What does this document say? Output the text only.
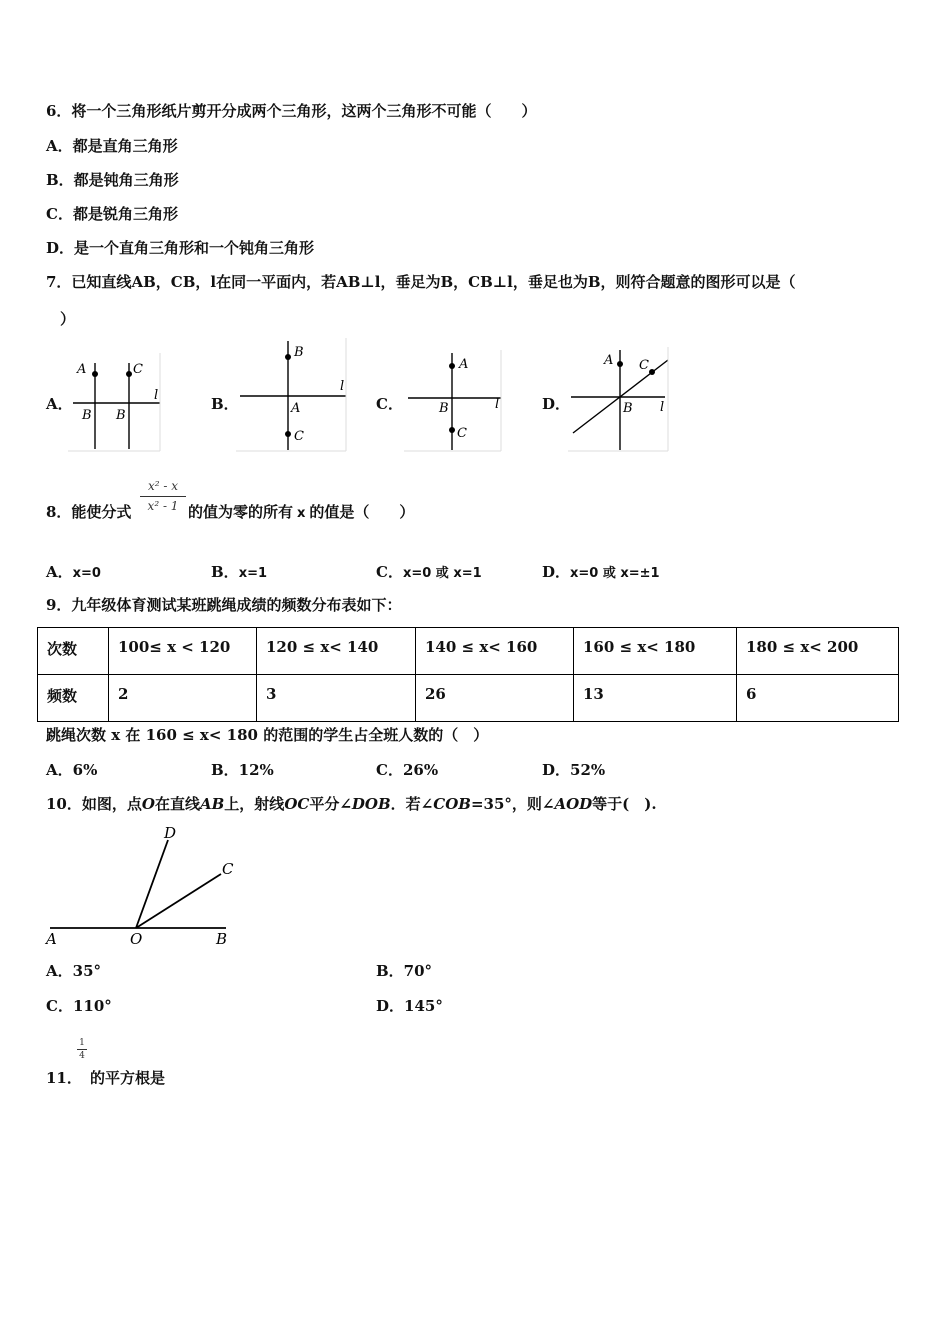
6．将一个三角形纸片剪开分成两个三角形，这两个三角形不可能（　　）
A．都是直角三角形
B．都是钝角三角形
C．都是锐角三角形
D．是一个直角三角形和一个钝角三角形
7．已知直线AB，CB，l在同一平面内，若AB⊥l，垂足为B，CB⊥l，垂足也为B，则符合题意的图形可以是（
）
A．
A	C
l
B B
B．
B
l
A
C
C．
A
B	l
C
D．
A C
B l
8．能使分式
x² - x
x² - 1 的值为零的所有 x 的值是（　　）
A．x=0	B．x=1	C．x=0 或 x=1	D．x=0 或 x=±1
9．九年级体育测试某班跳绳成绩的频数分布表如下：
次数	100≤ x < 120	120 ≤ x< 140	140 ≤ x< 160	160 ≤ x< 180	180 ≤ x< 200
频数	2	3	26	13	6
跳绳次数 x 在 160 ≤ x< 180 的范围的学生占全班人数的（　）
A．6%	B．12%	C．26%	D．52%
10．如图，点O在直线AB上，射线OC平分∠DOB．若∠COB=35°，则∠AOD等于(　).
D
C
A	O	B
A．35°	B．70°
C．110°	D．145°
1
4
11． 的平方根是
